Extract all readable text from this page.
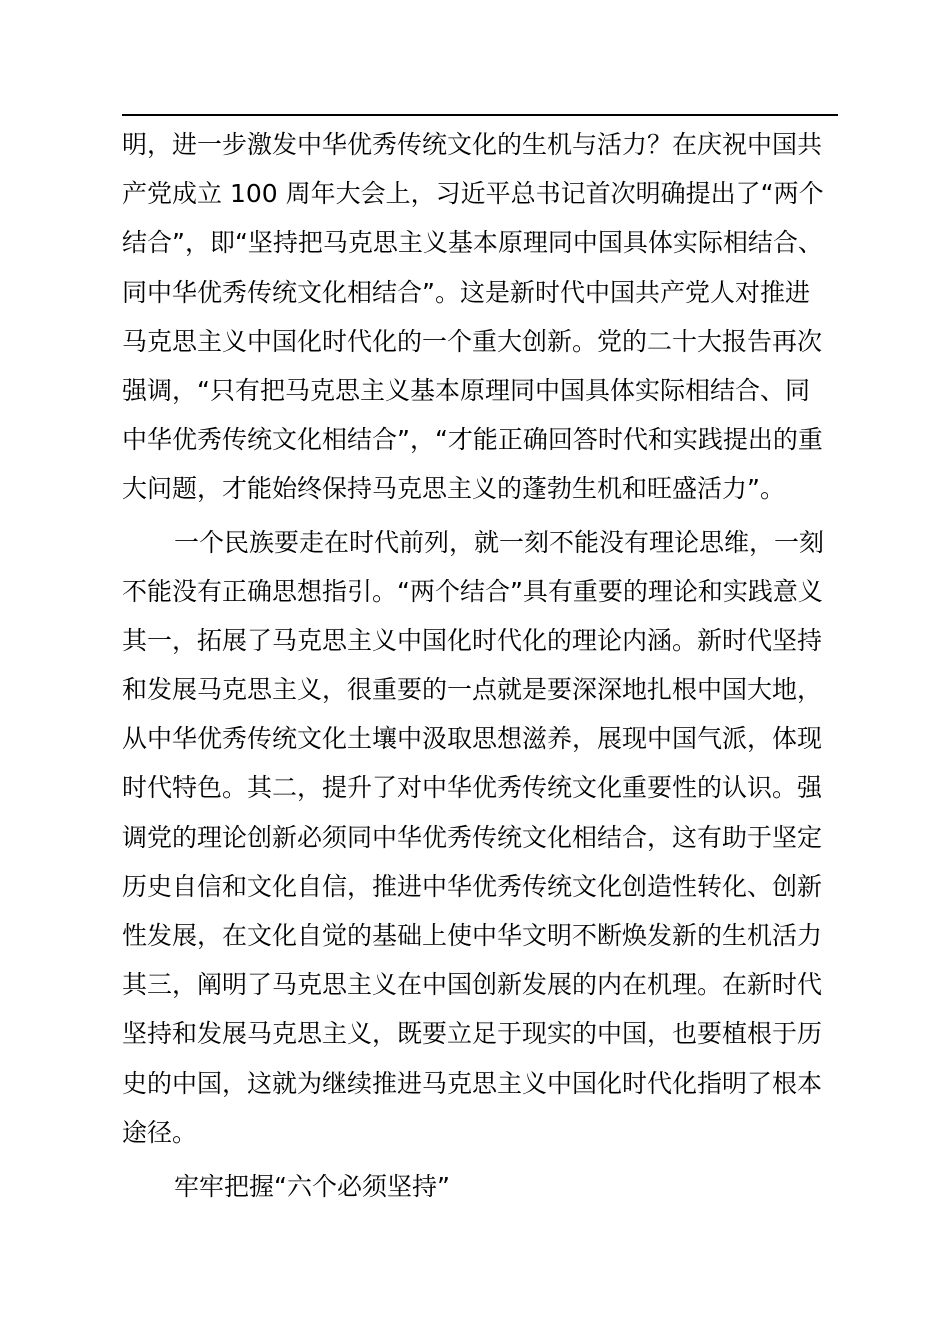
明，进一步激发中华优秀传统文化的生机与活力？在庆祝中国共
产党成立 100 周年大会上，习近平总书记首次明确提出了“两个
结合”，即“坚持把马克思主义基本原理同中国具体实际相结合、
同中华优秀传统文化相结合”。这是新时代中国共产党人对推进
马克思主义中国化时代化的一个重大创新。党的二十大报告再次
强调，“只有把马克思主义基本原理同中国具体实际相结合、同
中华优秀传统文化相结合”，“才能正确回答时代和实践提出的重
大问题，才能始终保持马克思主义的蓬勃生机和旺盛活力”。
一个民族要走在时代前列，就一刻不能没有理论思维，一刻
不能没有正确思想指引。“两个结合”具有重要的理论和实践意义
其一，拓展了马克思主义中国化时代化的理论内涵。新时代坚持
和发展马克思主义，很重要的一点就是要深深地扎根中国大地，
从中华优秀传统文化土壤中汲取思想滋养，展现中国气派，体现
时代特色。其二，提升了对中华优秀传统文化重要性的认识。强
调党的理论创新必须同中华优秀传统文化相结合，这有助于坚定
历史自信和文化自信，推进中华优秀传统文化创造性转化、创新
性发展，在文化自觉的基础上使中华文明不断焕发新的生机活力
其三，阐明了马克思主义在中国创新发展的内在机理。在新时代
坚持和发展马克思主义，既要立足于现实的中国，也要植根于历
史的中国，这就为继续推进马克思主义中国化时代化指明了根本
途径。
牢牢把握“六个必须坚持”
